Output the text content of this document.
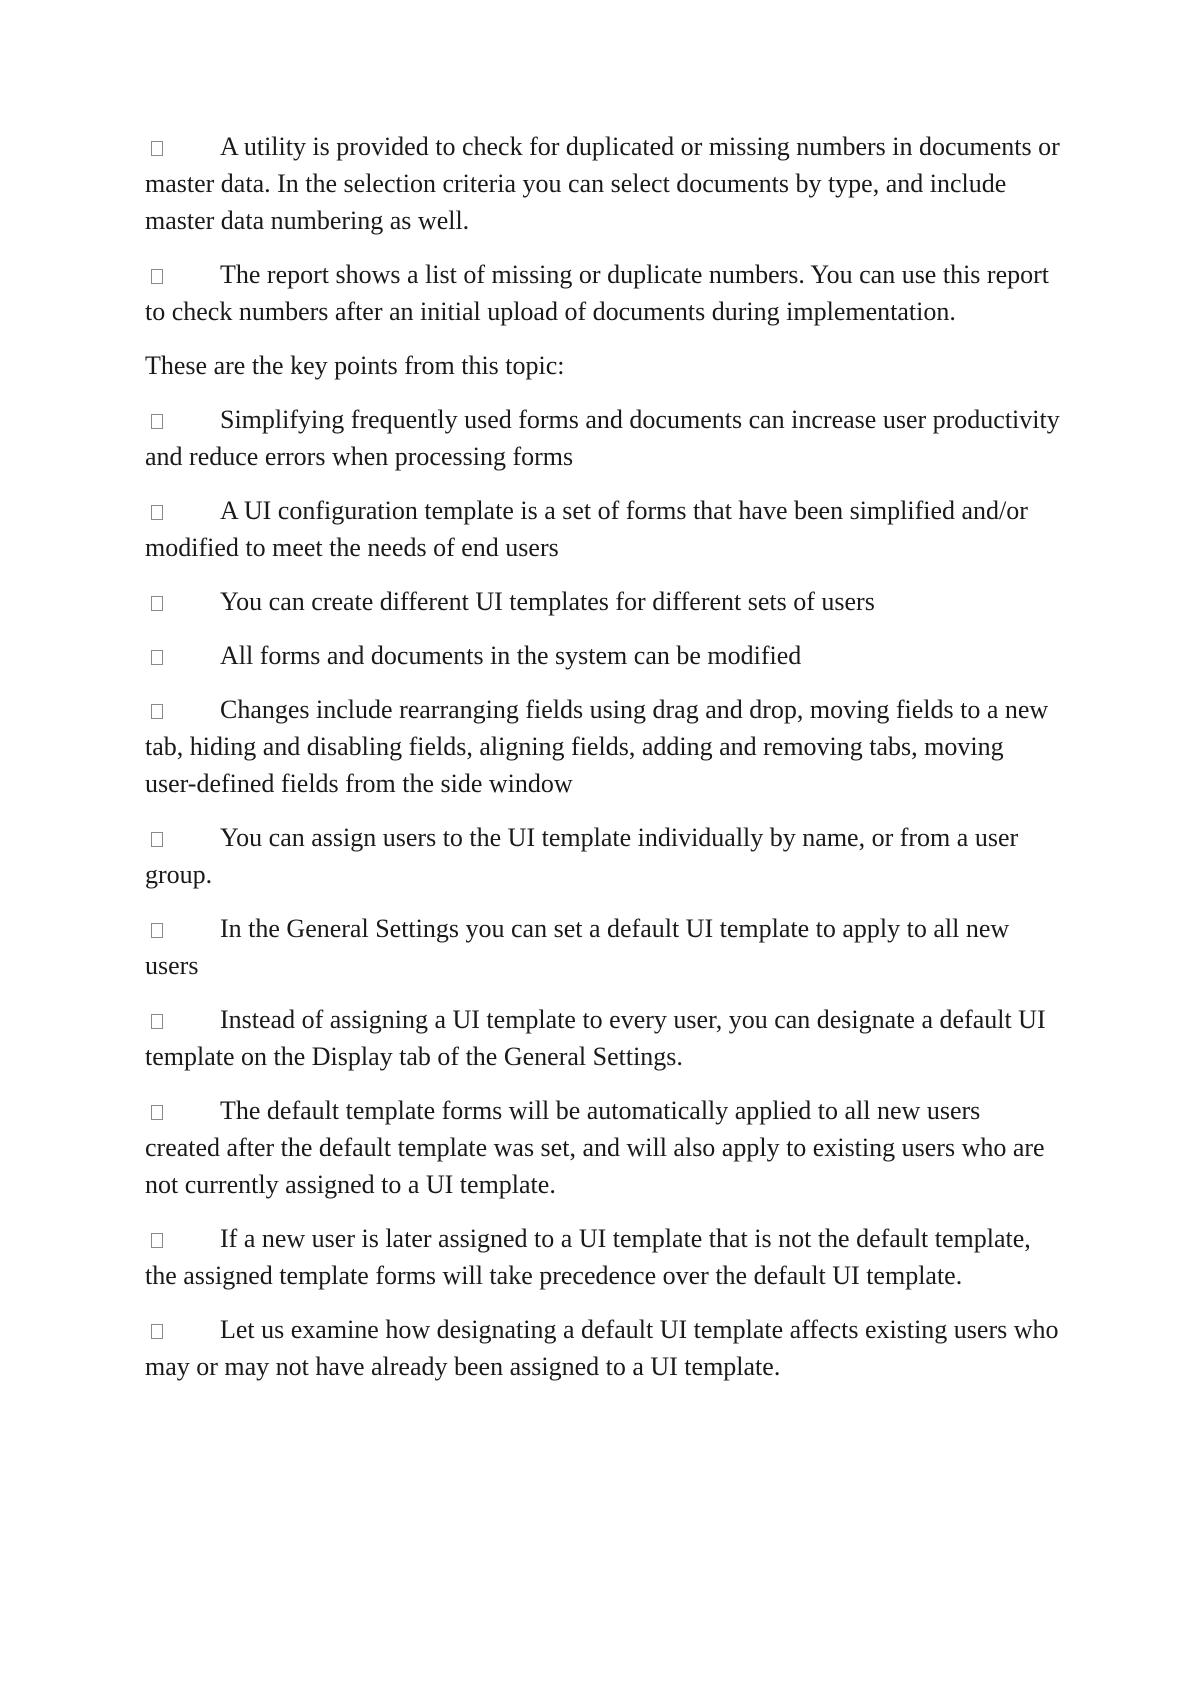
A utility is provided to check for duplicated or missing numbers in documents or master data. In the selection criteria you can select documents by type, and include master data numbering as well.

The report shows a list of missing or duplicate numbers. You can use this report to check numbers after an initial upload of documents during implementation.

These are the key points from this topic:

Simplifying frequently used forms and documents can increase user productivity and reduce errors when processing forms

A UI configuration template is a set of forms that have been simplified and/or modified to meet the needs of end users

You can create different UI templates for different sets of users

All forms and documents in the system can be modified

Changes include rearranging fields using drag and drop, moving fields to a new tab, hiding and disabling fields, aligning fields, adding and removing tabs, moving user-defined fields from the side window

You can assign users to the UI template individually by name, or from a user group.

In the General Settings you can set a default UI template to apply to all new users

Instead of assigning a UI template to every user, you can designate a default UI template on the Display tab of the General Settings.

The default template forms will be automatically applied to all new users created after the default template was set, and will also apply to existing users who are not currently assigned to a UI template.

If a new user is later assigned to a UI template that is not the default template, the assigned template forms will take precedence over the default UI template.

Let us examine how designating a default UI template affects existing users who may or may not have already been assigned to a UI template.
